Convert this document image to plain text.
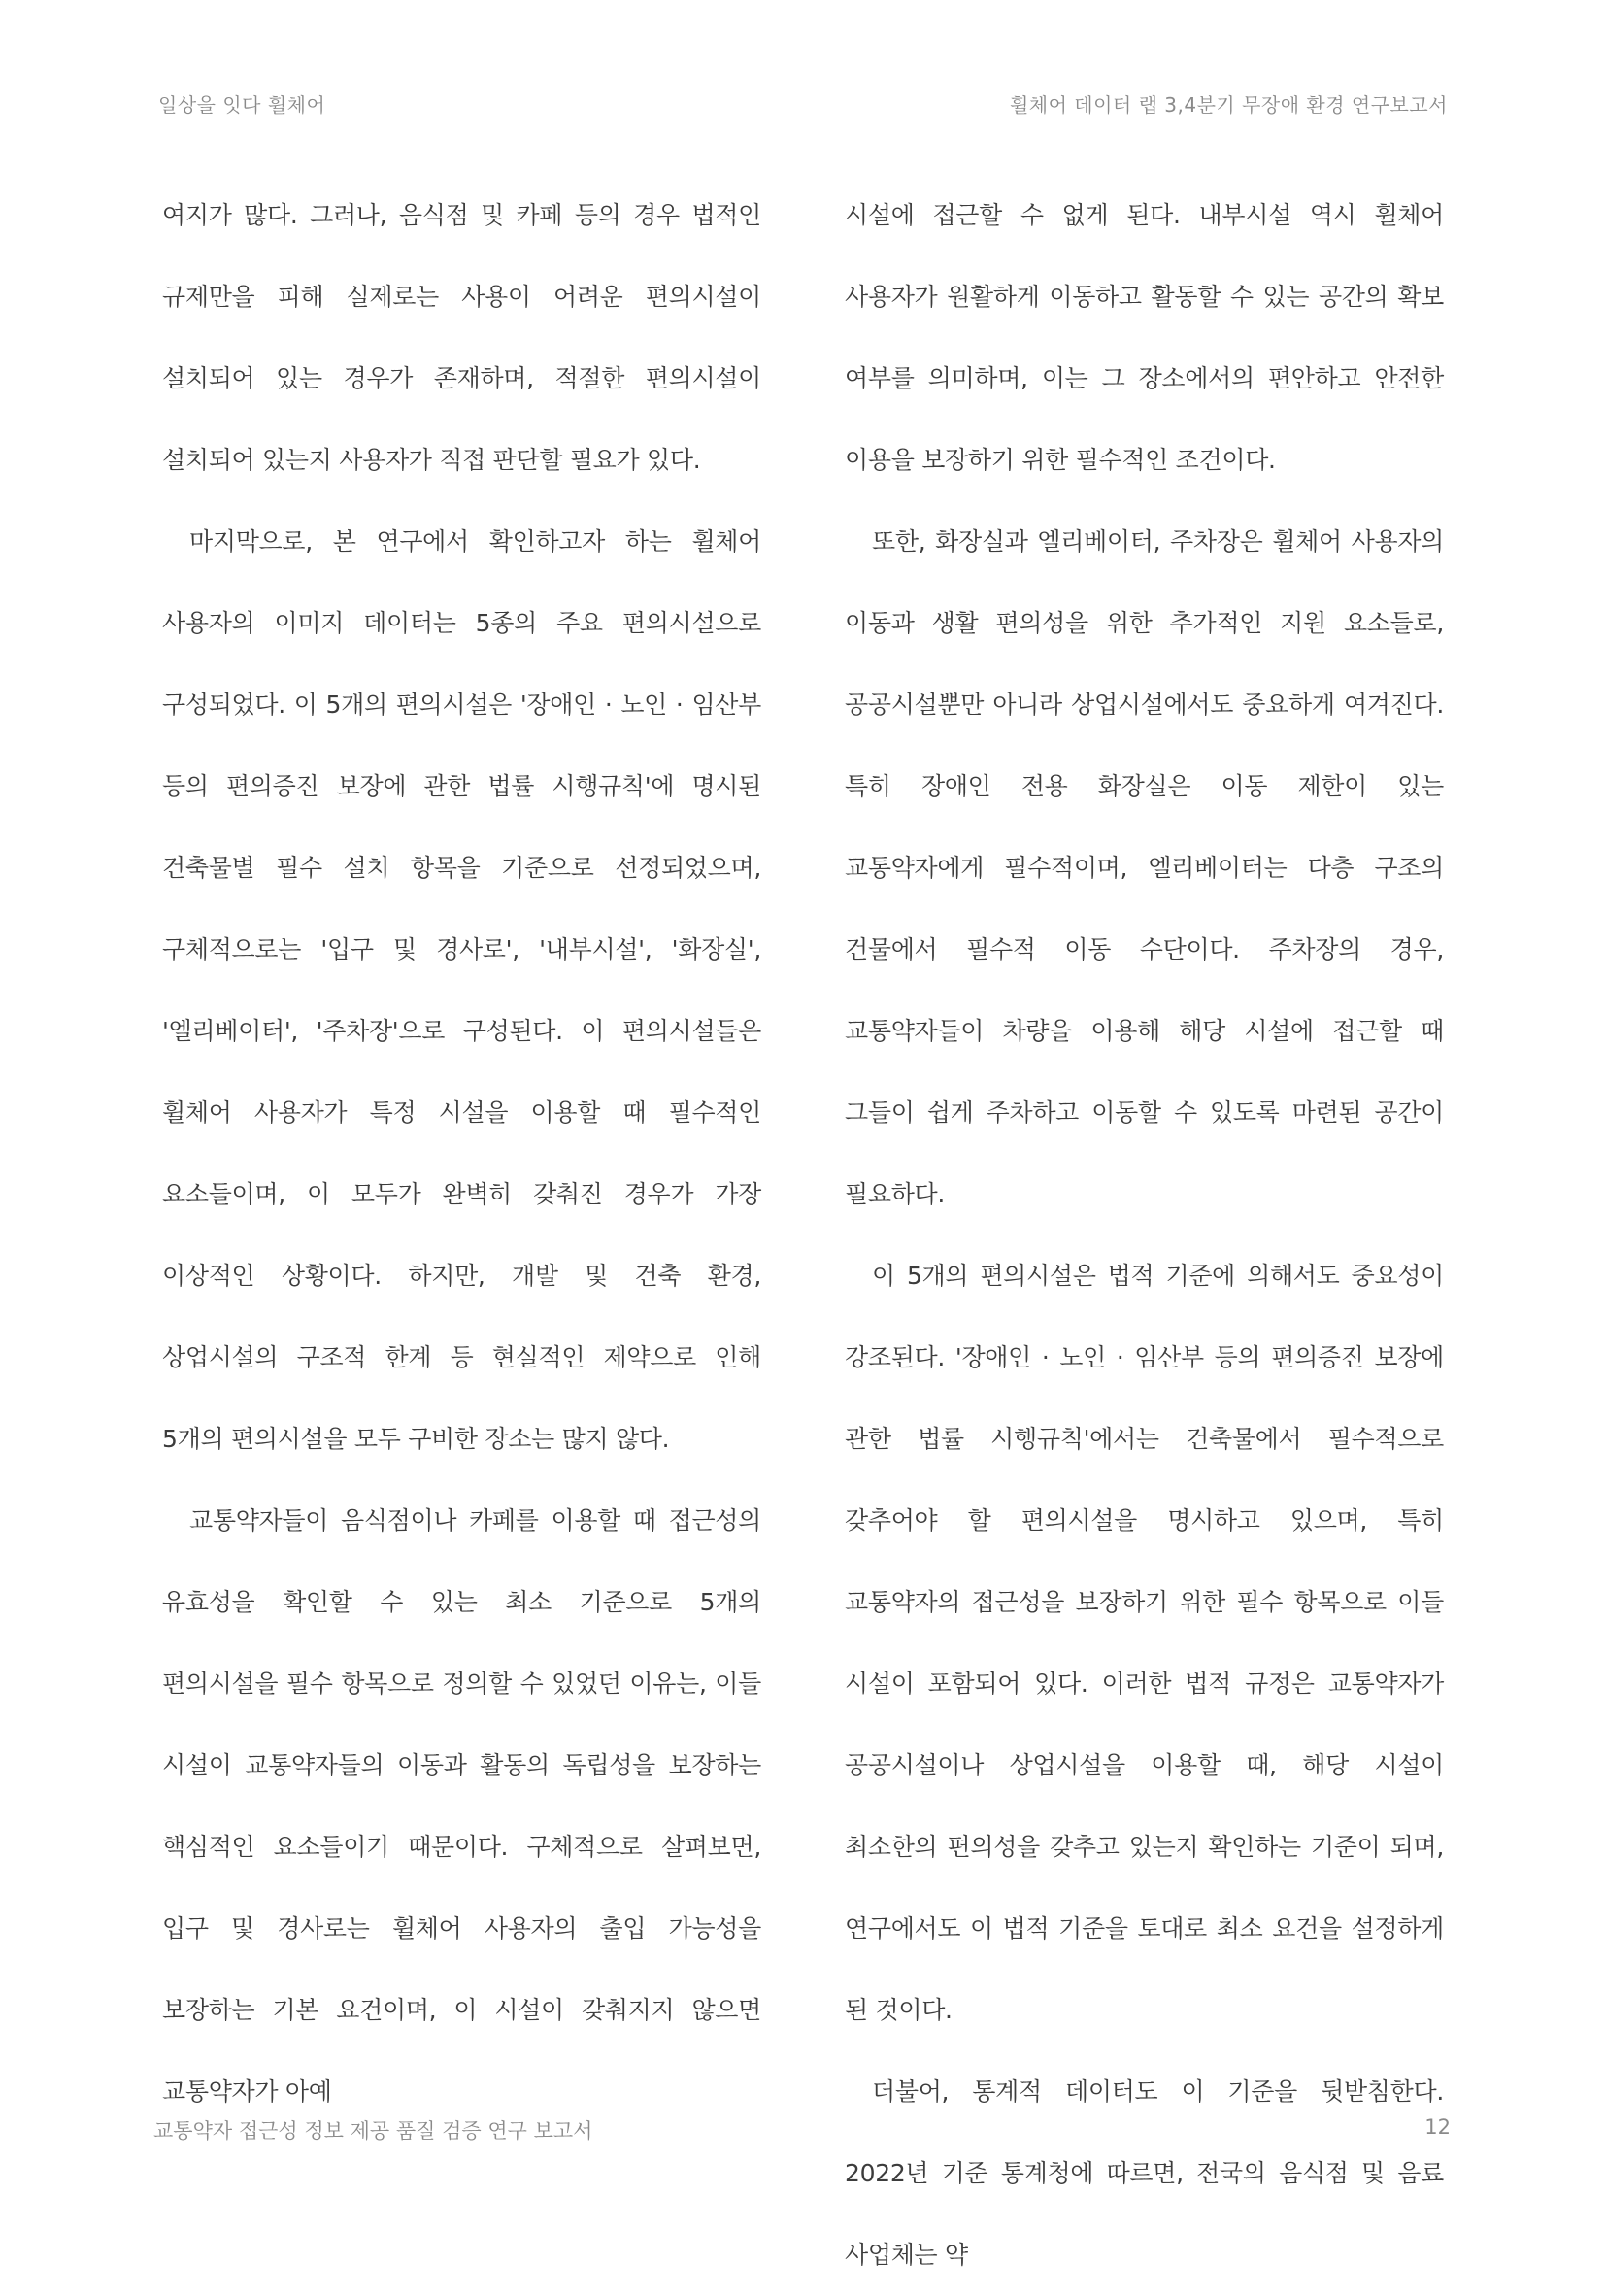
일상을 잇다 휠체어	휠체어 데이터 랩 3,4분기 무장애 환경 연구보고서

여지가 많다. 그러나, 음식점 및 카페 등의 경우 법적인 규제만을 피해 실제로는 사용이 어려운 편의시설이 설치되어 있는 경우가 존재하며, 적절한 편의시설이 설치되어 있는지 사용자가 직접 판단할 필요가 있다.

마지막으로, 본 연구에서 확인하고자 하는 휠체어 사용자의 이미지 데이터는 5종의 주요 편의시설으로 구성되었다. 이 5개의 편의시설은 '장애인 · 노인 · 임산부 등의 편의증진 보장에 관한 법률 시행규칙'에 명시된 건축물별 필수 설치 항목을 기준으로 선정되었으며, 구체적으로는 '입구 및 경사로', '내부시설', '화장실', '엘리베이터', '주차장'으로 구성된다. 이 편의시설들은 휠체어 사용자가 특정 시설을 이용할 때 필수적인 요소들이며, 이 모두가 완벽히 갖춰진 경우가 가장 이상적인 상황이다. 하지만, 개발 및 건축 환경, 상업시설의 구조적 한계 등 현실적인 제약으로 인해 5개의 편의시설을 모두 구비한 장소는 많지 않다.

교통약자들이 음식점이나 카페를 이용할 때 접근성의 유효성을 확인할 수 있는 최소 기준으로 5개의 편의시설을 필수 항목으로 정의할 수 있었던 이유는, 이들 시설이 교통약자들의 이동과 활동의 독립성을 보장하는 핵심적인 요소들이기 때문이다. 구체적으로 살펴보면, 입구 및 경사로는 휠체어 사용자의 출입 가능성을 보장하는 기본 요건이며, 이 시설이 갖춰지지 않으면 교통약자가 아예

시설에 접근할 수 없게 된다. 내부시설 역시 휠체어 사용자가 원활하게 이동하고 활동할 수 있는 공간의 확보 여부를 의미하며, 이는 그 장소에서의 편안하고 안전한 이용을 보장하기 위한 필수적인 조건이다.

또한, 화장실과 엘리베이터, 주차장은 휠체어 사용자의 이동과 생활 편의성을 위한 추가적인 지원 요소들로, 공공시설뿐만 아니라 상업시설에서도 중요하게 여겨진다. 특히 장애인 전용 화장실은 이동 제한이 있는 교통약자에게 필수적이며, 엘리베이터는 다층 구조의 건물에서 필수적 이동 수단이다. 주차장의 경우, 교통약자들이 차량을 이용해 해당 시설에 접근할 때 그들이 쉽게 주차하고 이동할 수 있도록 마련된 공간이 필요하다.

이 5개의 편의시설은 법적 기준에 의해서도 중요성이 강조된다. '장애인 · 노인 · 임산부 등의 편의증진 보장에 관한 법률 시행규칙'에서는 건축물에서 필수적으로 갖추어야 할 편의시설을 명시하고 있으며, 특히 교통약자의 접근성을 보장하기 위한 필수 항목으로 이들 시설이 포함되어 있다. 이러한 법적 규정은 교통약자가 공공시설이나 상업시설을 이용할 때, 해당 시설이 최소한의 편의성을 갖추고 있는지 확인하는 기준이 되며, 연구에서도 이 법적 기준을 토대로 최소 요건을 설정하게 된 것이다.

더불어, 통계적 데이터도 이 기준을 뒷받침한다. 2022년 기준 통계청에 따르면, 전국의 음식점 및 음료 사업체는 약

교통약자 접근성 정보 제공 품질 검증 연구 보고서	12
